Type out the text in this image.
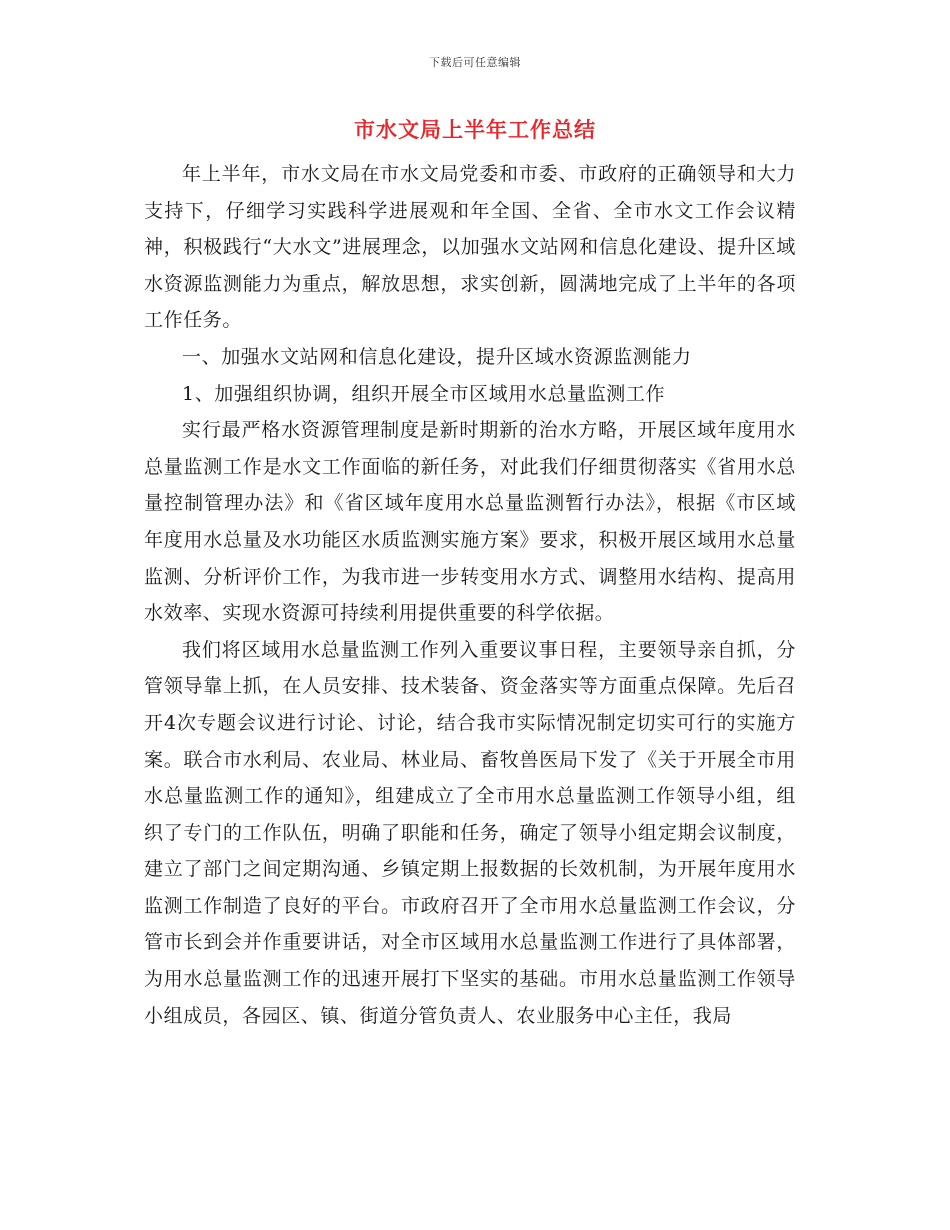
下载后可任意编辑
市水文局上半年工作总结

年上半年，市水文局在市水文局党委和市委、市政府的正确领导和大力支持下，仔细学习实践科学进展观和年全国、全省、全市水文工作会议精神，积极践行“大水文”进展理念，以加强水文站网和信息化建设、提升区域水资源监测能力为重点，解放思想，求实创新，圆满地完成了上半年的各项工作任务。

一、加强水文站网和信息化建设，提升区域水资源监测能力

1、加强组织协调，组织开展全市区域用水总量监测工作

实行最严格水资源管理制度是新时期新的治水方略，开展区域年度用水总量监测工作是水文工作面临的新任务，对此我们仔细贯彻落实《省用水总量控制管理办法》和《省区域年度用水总量监测暂行办法》，根据《市区域年度用水总量及水功能区水质监测实施方案》要求，积极开展区域用水总量监测、分析评价工作，为我市进一步转变用水方式、调整用水结构、提高用水效率、实现水资源可持续利用提供重要的科学依据。

我们将区域用水总量监测工作列入重要议事日程，主要领导亲自抓，分管领导靠上抓，在人员安排、技术装备、资金落实等方面重点保障。先后召开4次专题会议进行讨论、讨论，结合我市实际情况制定切实可行的实施方案。联合市水利局、农业局、林业局、畜牧兽医局下发了《关于开展全市用水总量监测工作的通知》，组建成立了全市用水总量监测工作领导小组，组织了专门的工作队伍，明确了职能和任务，确定了领导小组定期会议制度，建立了部门之间定期沟通、乡镇定期上报数据的长效机制，为开展年度用水监测工作制造了良好的平台。市政府召开了全市用水总量监测工作会议，分管市长到会并作重要讲话，对全市区域用水总量监测工作进行了具体部署，为用水总量监测工作的迅速开展打下坚实的基础。市用水总量监测工作领导小组成员，各园区、镇、街道分管负责人、农业服务中心主任，我局
